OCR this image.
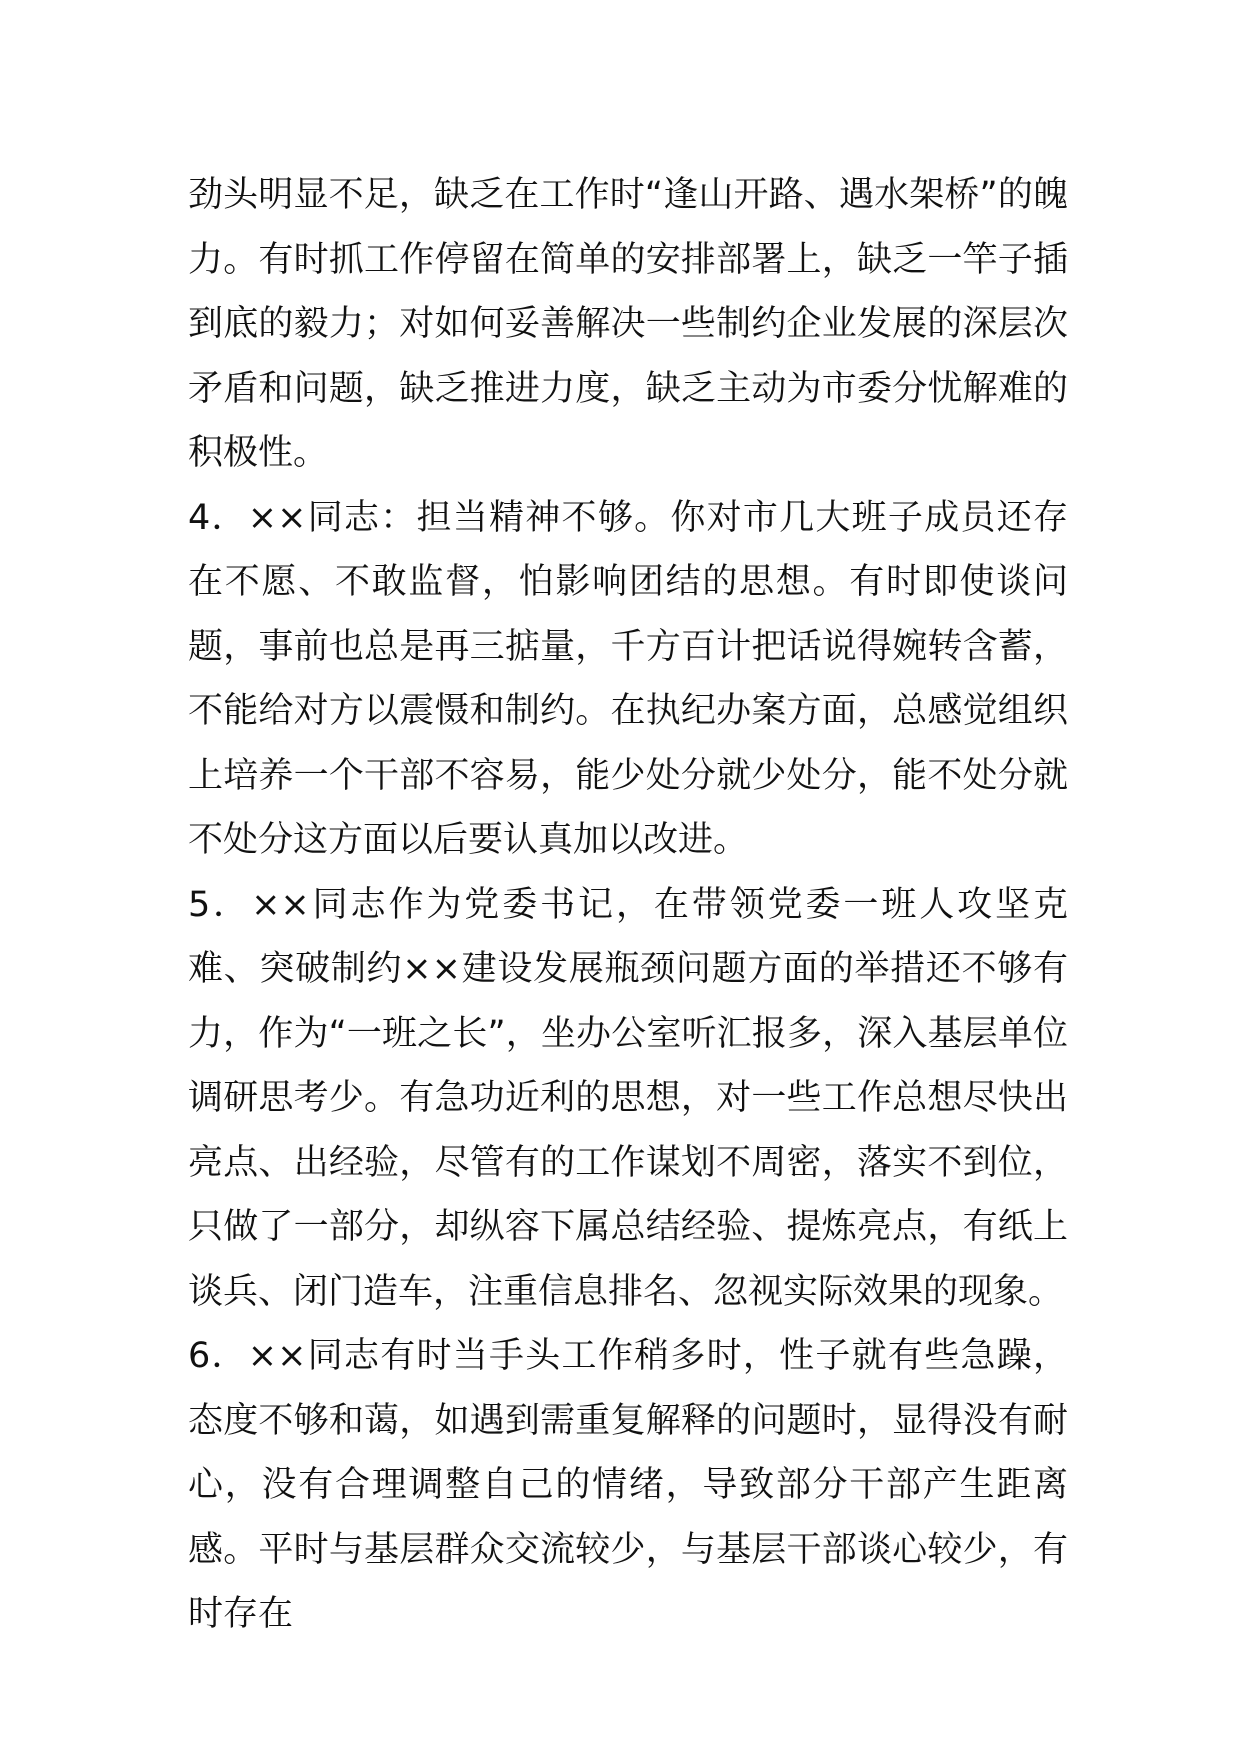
劲头明显不足，缺乏在工作时“逢山开路、遇水架桥”的魄力。有时抓工作停留在简单的安排部署上，缺乏一竿子插到底的毅力；对如何妥善解决一些制约企业发展的深层次矛盾和问题，缺乏推进力度，缺乏主动为市委分忧解难的积极性。

4．××同志：担当精神不够。你对市几大班子成员还存在不愿、不敢监督，怕影响团结的思想。有时即使谈问题，事前也总是再三掂量，千方百计把话说得婉转含蓄，不能给对方以震慑和制约。在执纪办案方面，总感觉组织上培养一个干部不容易，能少处分就少处分，能不处分就不处分这方面以后要认真加以改进。

5．××同志作为党委书记，在带领党委一班人攻坚克难、突破制约××建设发展瓶颈问题方面的举措还不够有力，作为“一班之长”，坐办公室听汇报多，深入基层单位调研思考少。有急功近利的思想，对一些工作总想尽快出亮点、出经验，尽管有的工作谋划不周密，落实不到位，只做了一部分，却纵容下属总结经验、提炼亮点，有纸上谈兵、闭门造车，注重信息排名、忽视实际效果的现象。

6．××同志有时当手头工作稍多时，性子就有些急躁，态度不够和蔼，如遇到需重复解释的问题时，显得没有耐心，没有合理调整自己的情绪，导致部分干部产生距离感。平时与基层群众交流较少，与基层干部谈心较少，有时存在
